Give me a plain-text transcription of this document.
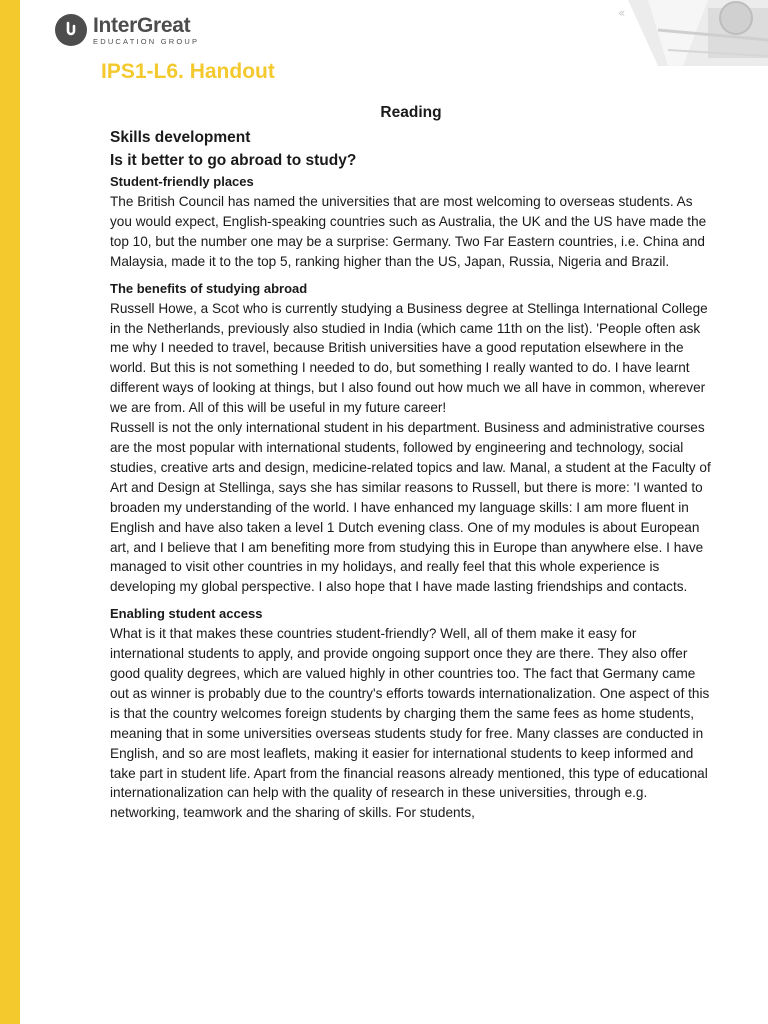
«
InterGreat
EDUCATION GROUP
IPS1-L6. Handout
Reading
Skills development
Is it better to go abroad to study?
Student-friendly places

The British Council has named the universities that are most welcoming to overseas students. As you would expect, English-speaking countries such as Australia, the UK and the US have made the top 10, but the number one may be a surprise: Germany. Two Far Eastern countries, i.e. China and Malaysia, made it to the top 5, ranking higher than the US, Japan, Russia, Nigeria and Brazil.

The benefits of studying abroad

Russell Howe, a Scot who is currently studying a Business degree at Stellinga International College in the Netherlands, previously also studied in India (which came 11th on the list). 'People often ask me why I needed to travel, because British universities have a good reputation elsewhere in the world. But this is not something I needed to do, but something I really wanted to do. I have learnt different ways of looking at things, but I also found out how much we all have in common, wherever we are from. All of this will be useful in my future career!

Russell is not the only international student in his department. Business and administrative courses are the most popular with international students, followed by engineering and technology, social studies, creative arts and design, medicine-related topics and law. Manal, a student at the Faculty of Art and Design at Stellinga, says she has similar reasons to Russell, but there is more: 'I wanted to broaden my understanding of the world. I have enhanced my language skills: I am more fluent in English and have also taken a level 1 Dutch evening class. One of my modules is about European art, and I believe that I am benefiting more from studying this in Europe than anywhere else. I have managed to visit other countries in my holidays, and really feel that this whole experience is developing my global perspective. I also hope that I have made lasting friendships and contacts.

Enabling student access

What is it that makes these countries student-friendly? Well, all of them make it easy for international students to apply, and provide ongoing support once they are there. They also offer good quality degrees, which are valued highly in other countries too. The fact that Germany came out as winner is probably due to the country's efforts towards internationalization. One aspect of this is that the country welcomes foreign students by charging them the same fees as home students, meaning that in some universities overseas students study for free. Many classes are conducted in English, and so are most leaflets, making it easier for international students to keep informed and take part in student life. Apart from the financial reasons already mentioned, this type of educational internationalization can help with the quality of research in these universities, through e.g. networking, teamwork and the sharing of skills. For students,
